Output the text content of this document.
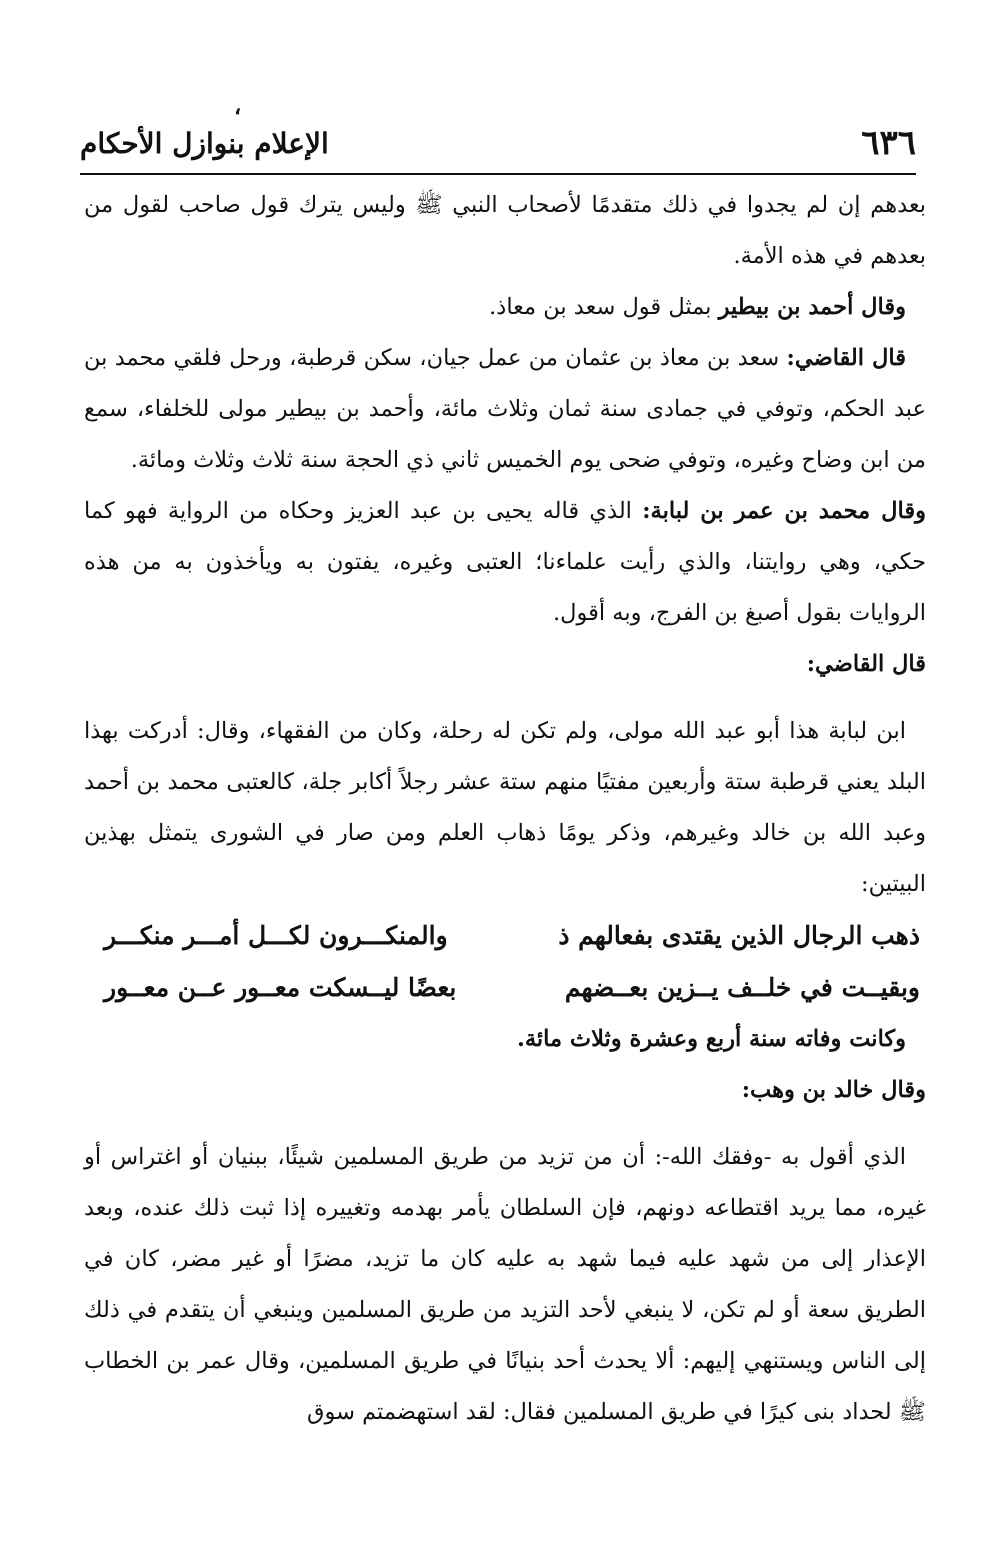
،
٦٣٦
الإعلام بنوازل الأحكام

بعدهم إن لم يجدوا في ذلك متقدمًا لأصحاب النبي ﷺ وليس يترك قول صاحب لقول من بعدهم في هذه الأمة.

وقال أحمد بن بيطير بمثل قول سعد بن معاذ.

قال القاضي: سعد بن معاذ بن عثمان من عمل جيان، سكن قرطبة، ورحل فلقي محمد بن عبد الحكم، وتوفي في جمادى سنة ثمان وثلاث مائة، وأحمد بن بيطير مولى للخلفاء، سمع من ابن وضاح وغيره، وتوفي ضحى يوم الخميس ثاني ذي الحجة سنة ثلاث وثلاث ومائة.

وقال محمد بن عمر بن لبابة: الذي قاله يحيى بن عبد العزيز وحكاه من الرواية فهو كما حكي، وهي روايتنا، والذي رأيت علماءنا؛ العتبى وغيره، يفتون به ويأخذون به من هذه الروايات بقول أصبغ بن الفرج، وبه أقول.

قال القاضي:

ابن لبابة هذا أبو عبد الله مولى، ولم تكن له رحلة، وكان من الفقهاء، وقال: أدركت بهذا البلد يعني قرطبة ستة وأربعين مفتيًا منهم ستة عشر رجلاً أكابر جلة، كالعتبى محمد بن أحمد وعبد الله بن خالد وغيرهم، وذكر يومًا ذهاب العلم ومن صار في الشورى يتمثل بهذين البيتين:

ذهب الرجال الذين يقتدى بفعالهم ذ
والمنكـــرون لكـــل أمـــر منكـــر
وبقيــت في خلــف يــزين بعــضهم
بعضًا ليــسكت معــور عــن معــور

وكانت وفاته سنة أربع وعشرة وثلاث مائة.

وقال خالد بن وهب:

الذي أقول به -وفقك الله-: أن من تزيد من طريق المسلمين شيئًا، ببنيان أو اغتراس أو غيره، مما يريد اقتطاعه دونهم، فإن السلطان يأمر بهدمه وتغييره إذا ثبت ذلك عنده، وبعد الإعذار إلى من شهد عليه فيما شهد به عليه كان ما تزيد، مضرًا أو غير مضر، كان في الطريق سعة أو لم تكن، لا ينبغي لأحد التزيد من طريق المسلمين وينبغي أن يتقدم في ذلك إلى الناس ويستنهي إليهم: ألا يحدث أحد بنيانًا في طريق المسلمين، وقال عمر بن الخطاب ﷺ لحداد بنى كيرًا في طريق المسلمين فقال: لقد استهضمتم سوق
